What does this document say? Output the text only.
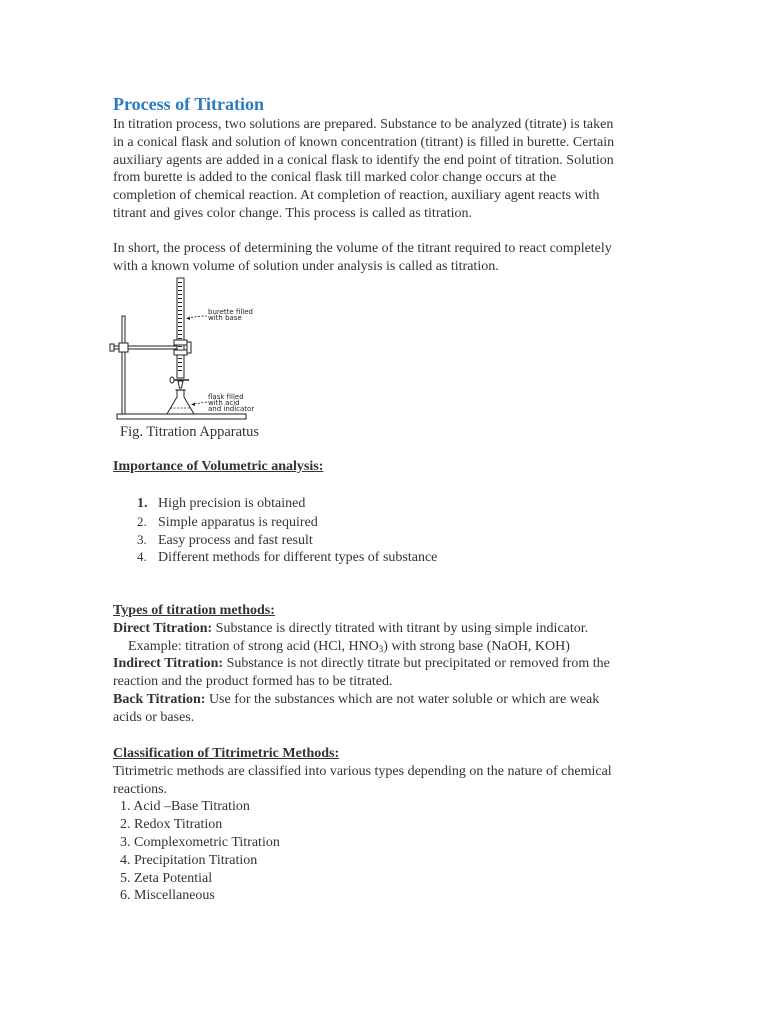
Process of Titration
In titration process, two solutions are prepared. Substance to be analyzed (titrate) is taken
in a conical flask and solution of known concentration (titrant) is filled in burette. Certain
auxiliary agents are added in a conical flask to identify the end point of titration. Solution
from burette is added to the conical flask till marked color change occurs at the
completion of chemical reaction. At completion of reaction, auxiliary agent reacts with
titrant and gives color change. This process is called as titration.
In short, the process of determining the volume of the titrant required to react completely
with a known volume of solution under analysis is called as titration.
burette filled
with base
flask filled
with acid
and indicator
Fig. Titration Apparatus
Importance of Volumetric analysis:
1. High precision is obtained
2. Simple apparatus is required
3. Easy process and fast result
4. Different methods for different types of substance
Types of titration methods:
Direct Titration: Substance is directly titrated with titrant by using simple indicator.
Example: titration of strong acid (HCl, $HNO_3$) with strong base (NaOH, KOH)
Indirect Titration: Substance is not directly titrate but precipitated or removed from the
reaction and the product formed has to be titrated.
Back Titration: Use for the substances which are not water soluble or which are weak
acids or bases.
Classification of Titrimetric Methods:
Titrimetric methods are classified into various types depending on the nature of chemical
reactions.
1. Acid –Base Titration
2. Redox Titration
3. Complexometric Titration
4. Precipitation Titration
5. Zeta Potential
6. Miscellaneous
